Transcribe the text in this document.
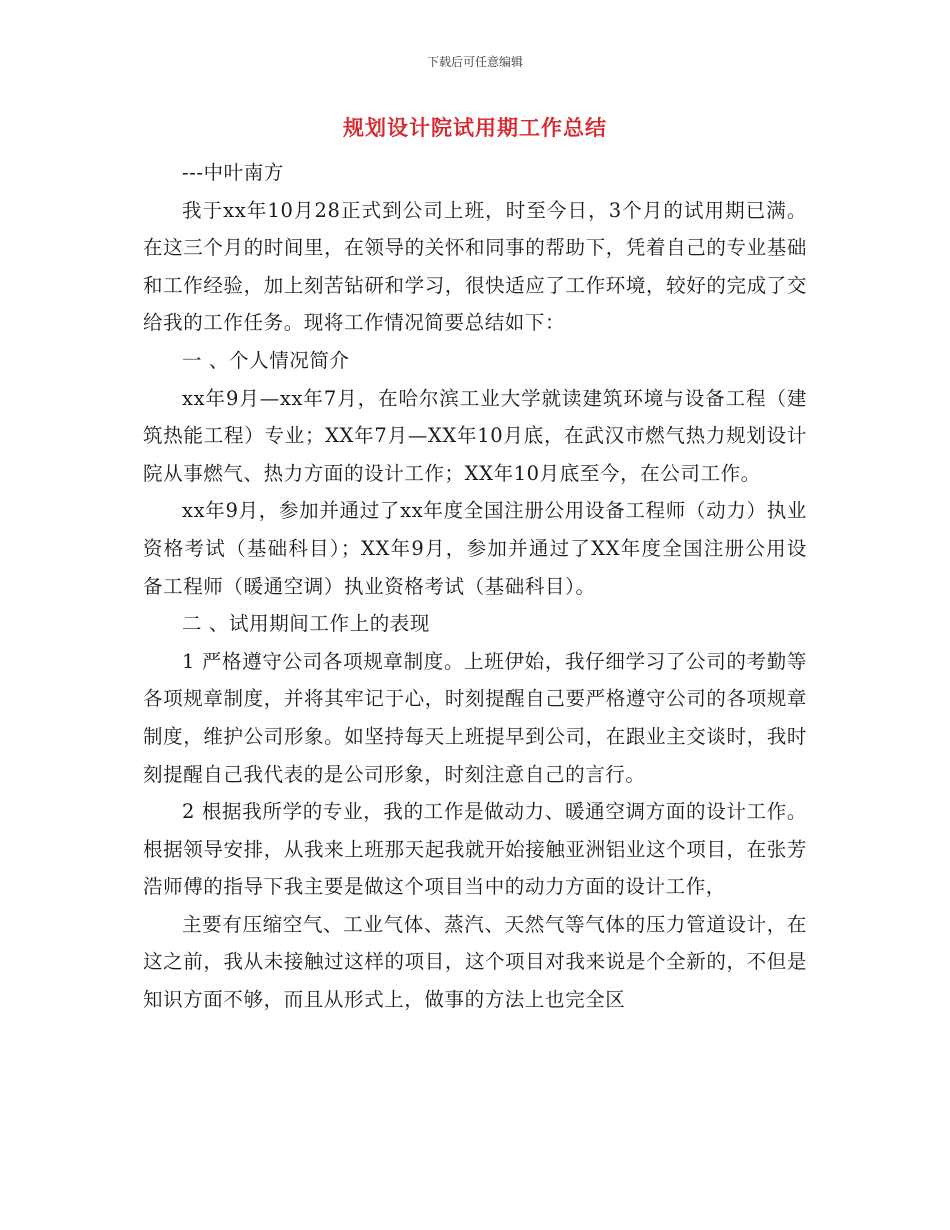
下载后可任意编辑
规划设计院试用期工作总结

---中叶南方

我于xx年10月28正式到公司上班，时至今日，3个月的试用期已满。在这三个月的时间里，在领导的关怀和同事的帮助下，凭着自己的专业基础和工作经验，加上刻苦钻研和学习，很快适应了工作环境，较好的完成了交给我的工作任务。现将工作情况简要总结如下：

一 、个人情况简介

xx年9月—xx年7月，在哈尔滨工业大学就读建筑环境与设备工程（建筑热能工程）专业；XX年7月—XX年10月底，在武汉市燃气热力规划设计院从事燃气、热力方面的设计工作；XX年10月底至今，在公司工作。

xx年9月，参加并通过了xx年度全国注册公用设备工程师（动力）执业资格考试（基础科目）；XX年9月，参加并通过了XX年度全国注册公用设备工程师（暖通空调）执业资格考试（基础科目）。

二 、试用期间工作上的表现

1 严格遵守公司各项规章制度。上班伊始，我仔细学习了公司的考勤等各项规章制度，并将其牢记于心，时刻提醒自己要严格遵守公司的各项规章制度，维护公司形象。如坚持每天上班提早到公司，在跟业主交谈时，我时刻提醒自己我代表的是公司形象，时刻注意自己的言行。

2 根据我所学的专业，我的工作是做动力、暖通空调方面的设计工作。根据领导安排，从我来上班那天起我就开始接触亚洲铝业这个项目，在张芳浩师傅的指导下我主要是做这个项目当中的动力方面的设计工作，

主要有压缩空气、工业气体、蒸汽、天然气等气体的压力管道设计，在这之前，我从未接触过这样的项目，这个项目对我来说是个全新的，不但是知识方面不够，而且从形式上，做事的方法上也完全区
